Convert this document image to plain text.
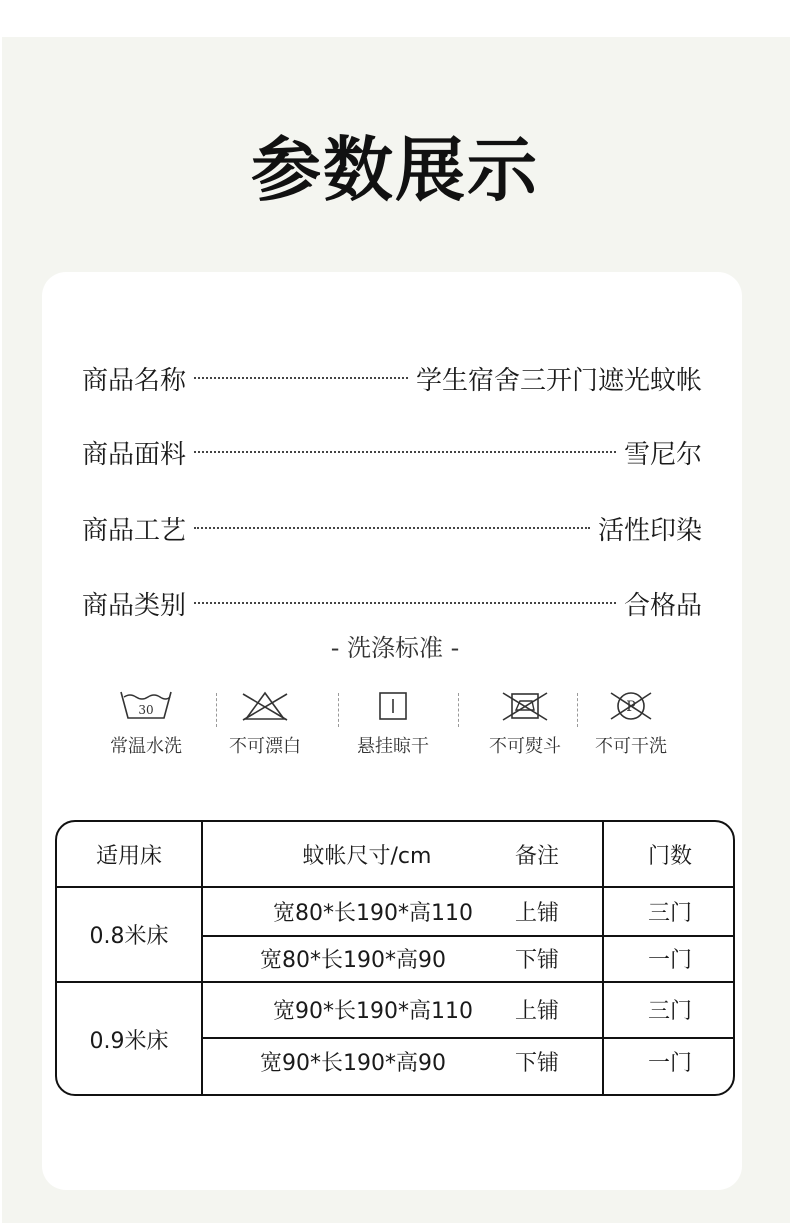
参数展示
商品名称	学生宿舍三开门遮光蚊帐
商品面料	雪尼尔
商品工艺	活性印染
商品类别	合格品
- 洗涤标准 -
30
常温水洗	不可漂白	悬挂晾干	不可熨斗
P
不可干洗
适用床	蚊帐尺寸/cm	备注	门数
0.8米床
宽80*长190*高110	上铺	三门
宽80*长190*高90	下铺	一门
0.9米床
宽90*长190*高110	上铺	三门
宽90*长190*高90	下铺	一门
